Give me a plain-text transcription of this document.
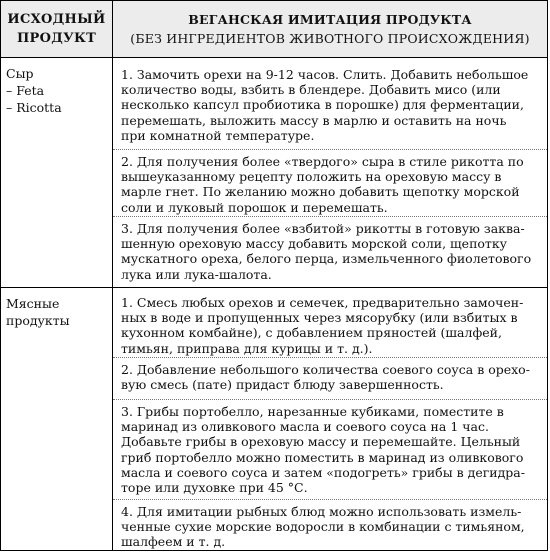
ИСХОДНЫЙ
ПРОДУКТ
ВЕГАНСКАЯ ИМИТАЦИЯ ПРОДУКТА
(БЕЗ ИНГРЕДИЕНТОВ ЖИВОТНОГО ПРОИСХОЖДЕНИЯ)
Сыр
– Feta
– Ricotta
1. Замочить орехи на 9-12 часов. Слить. Добавить небольшое
количество воды, взбить в блендере. Добавить мисо (или
несколько капсул пробиотика в порошке) для ферментации,
перемешать, выложить массу в марлю и оставить на ночь
при комнатной температуре.
2. Для получения более «твердого» сыра в стиле рикотта по
вышеуказанному рецепту положить на ореховую массу в
марле гнет. По желанию можно добавить щепотку морской
соли и луковый порошок и перемешать.
3. Для получения более «взбитой» рикотты в готовую заква-
шенную ореховую массу добавить морской соли, щепотку
мускатного ореха, белого перца, измельченного фиолетового
лука или лука-шалота.
Мясные
продукты
1. Смесь любых орехов и семечек, предварительно замочен-
ных в воде и пропущенных через мясорубку (или взбитых в
кухонном комбайне), с добавлением пряностей (шалфей,
тимьян, приправа для курицы и т. д.).
2. Добавление небольшого количества соевого соуса в орехо-
вую смесь (пате) придаст блюду завершенность.
3. Грибы портобелло, нарезанные кубиками, поместите в
маринад из оливкового масла и соевого соуса на 1 час.
Добавьте грибы в ореховую массу и перемешайте. Цельный
гриб портобелло можно поместить в маринад из оливкового
масла и соевого соуса и затем «подогреть» грибы в дегидра-
торе или духовке при 45 °С.
4. Для имитации рыбных блюд можно использовать измель-
ченные сухие морские водоросли в комбинации с тимьяном,
шалфеем и т. д.
